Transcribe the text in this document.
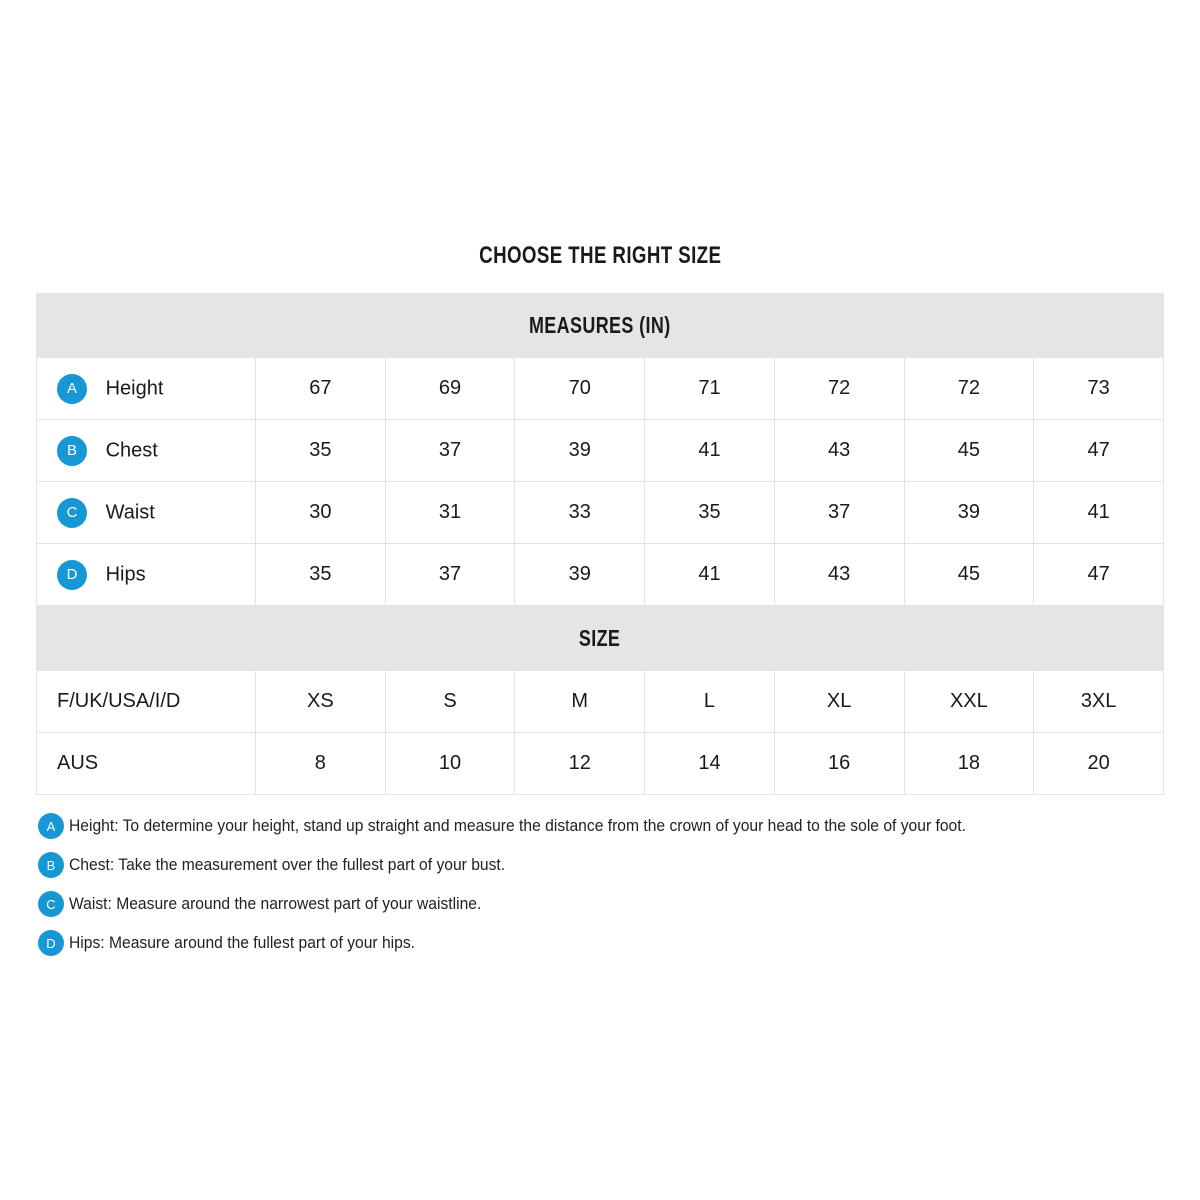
CHOOSE THE RIGHT SIZE
MEASURES (IN)
A Height	67	69	70	71	72	72	73
B Chest	35	37	39	41	43	45	47
C Waist	30	31	33	35	37	39	41
D Hips	35	37	39	41	43	45	47
SIZE
F/UK/USA/I/D	XS	S	M	L	XL	XXL	3XL
AUS	8	10	12	14	16	18	20
A Height: To determine your height, stand up straight and measure the distance from the crown of your head to the sole of your foot.
B Chest: Take the measurement over the fullest part of your bust.
C Waist: Measure around the narrowest part of your waistline.
D Hips: Measure around the fullest part of your hips.
